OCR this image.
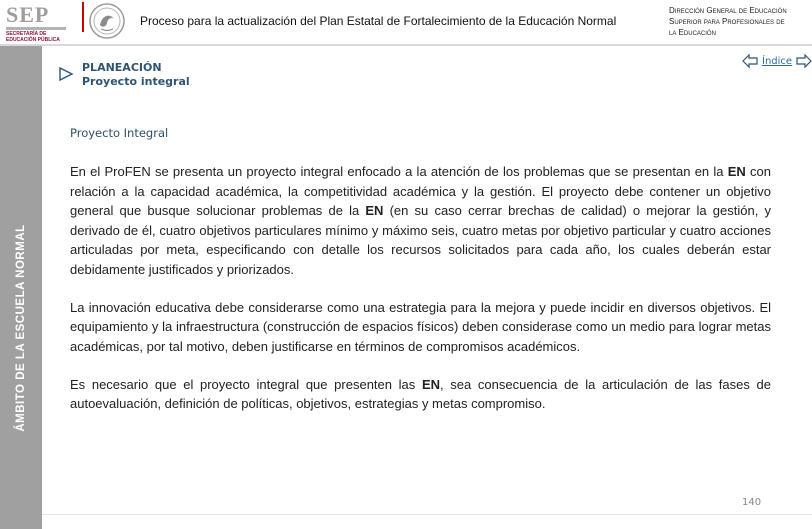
SEP
SECRETARÍA DE EDUCACIÓN PÚBLICA
Proceso para la actualización del Plan Estatal de Fortalecimiento de la Educación Normal
Dirección General de Educación
Superior para Profesionales de
la Educación
ÁMBITO DE LA ESCUELA NORMAL
PLANEACIÓN
Proyecto integral
Índice
Proyecto Integral

En el ProFEN se presenta un proyecto integral enfocado a la atención de los problemas que se presentan en la EN con relación a la capacidad académica, la competitividad académica y la gestión. El proyecto debe contener un objetivo general que busque solucionar problemas de la EN (en su caso cerrar brechas de calidad) o mejorar la gestión, y derivado de él, cuatro objetivos particulares mínimo y máximo seis, cuatro metas por objetivo particular y cuatro acciones articuladas por meta, especificando con detalle los recursos solicitados para cada año, los cuales deberán estar debidamente justificados y priorizados.

La innovación educativa debe considerarse como una estrategia para la mejora y puede incidir en diversos objetivos. El equipamiento y la infraestructura (construcción de espacios físicos) deben considerase como un medio para lograr metas académicas, por tal motivo, deben justificarse en términos de compromisos académicos.

Es necesario que el proyecto integral que presenten las EN, sea consecuencia de la articulación de las fases de autoevaluación, definición de políticas, objetivos, estrategias y metas compromiso.

140
